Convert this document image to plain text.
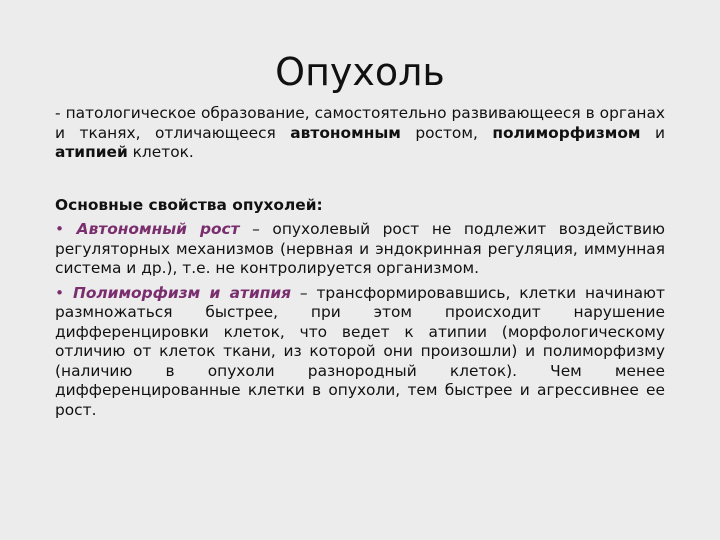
Опухоль

- патологическое образование, самостоятельно развивающееся в органах и тканях, отличающееся автономным ростом, полиморфизмом и атипией клеток.

Основные свойства опухолей:

• Автономный рост – опухолевый рост не подлежит воздействию регуляторных механизмов (нервная и эндокринная регуляция, иммунная система и др.), т.е. не контролируется организмом.

• Полиморфизм и атипия – трансформировавшись, клетки начинают размножаться быстрее, при этом происходит нарушение дифференцировки клеток, что ведет к атипии (морфологическому отличию от клеток ткани, из которой они произошли) и полиморфизму (наличию в опухоли разнородный клеток). Чем менее дифференцированные клетки в опухоли, тем быстрее и агрессивнее ее рост.
